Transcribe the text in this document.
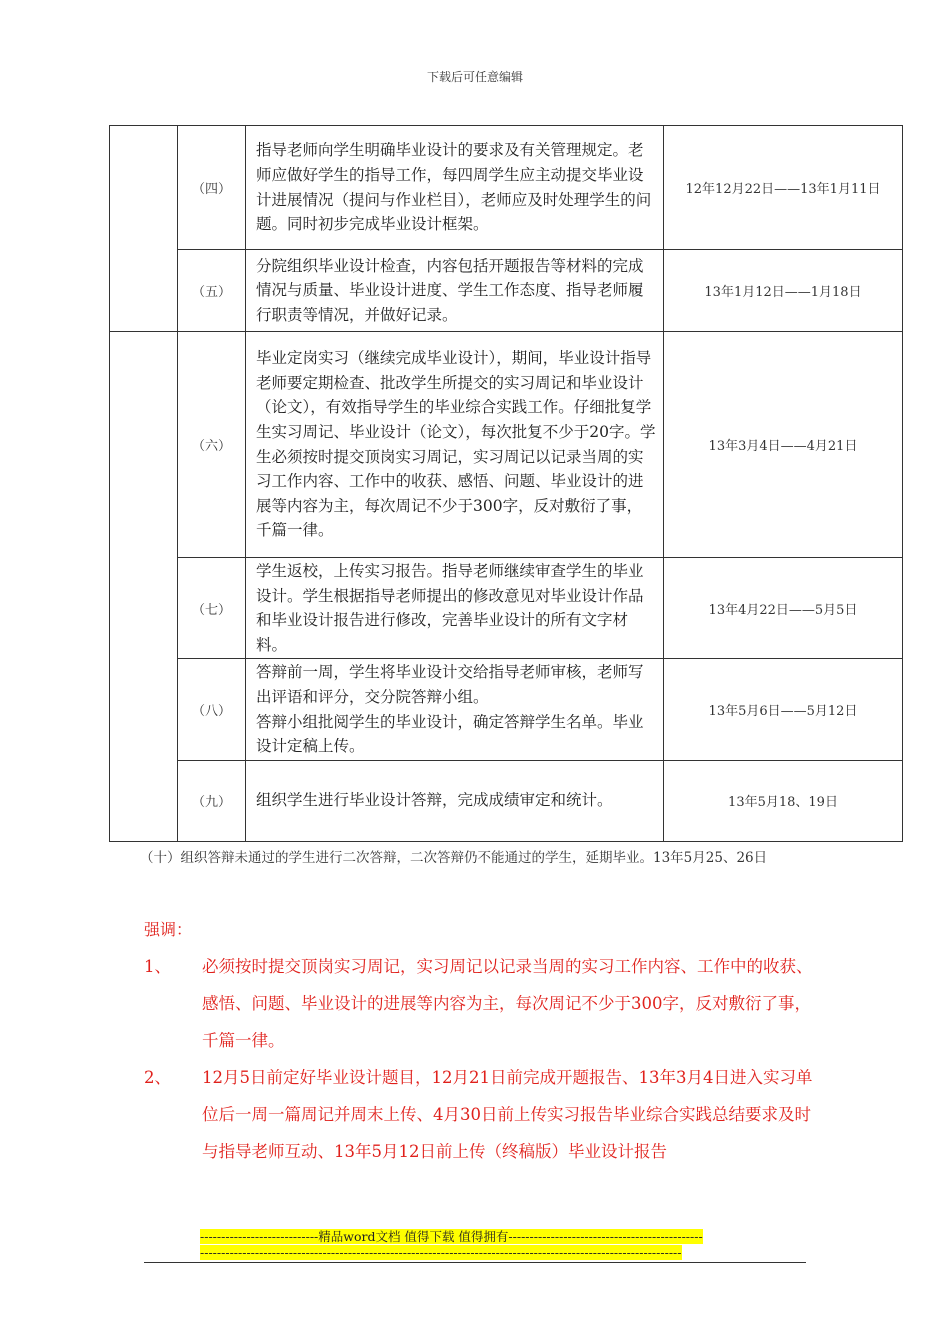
下载后可任意编辑
	（四）	指导老师向学生明确毕业设计的要求及有关管理规定。老师应做好学生的指导工作，每四周学生应主动提交毕业设计进展情况（提问与作业栏目），老师应及时处理学生的问题。同时初步完成毕业设计框架。	12年12月22日——13年1月11日
	（五）	分院组织毕业设计检查，内容包括开题报告等材料的完成情况与质量、毕业设计进度、学生工作态度、指导老师履行职责等情况，并做好记录。	13年1月12日——1月18日
	（六）	毕业定岗实习（继续完成毕业设计），期间，毕业设计指导老师要定期检查、批改学生所提交的实习周记和毕业设计（论文），有效指导学生的毕业综合实践工作。仔细批复学生实习周记、毕业设计（论文），每次批复不少于20字。学生必须按时提交顶岗实习周记，实习周记以记录当周的实习工作内容、工作中的收获、感悟、问题、毕业设计的进展等内容为主，每次周记不少于300字，反对敷衍了事，千篇一律。	13年3月4日——4月21日
	（七）	学生返校，上传实习报告。指导老师继续审查学生的毕业设计。学生根据指导老师提出的修改意见对毕业设计作品和毕业设计报告进行修改，完善毕业设计的所有文字材料。	13年4月22日——5月5日
	（八）	答辩前一周，学生将毕业设计交给指导老师审核，老师写出评语和评分，交分院答辩小组。
答辩小组批阅学生的毕业设计，确定答辩学生名单。毕业设计定稿上传。	13年5月6日——5月12日
	（九）	组织学生进行毕业设计答辩，完成成绩审定和统计。	13年5月18、19日
（十）组织答辩未通过的学生进行二次答辩，二次答辩仍不能通过的学生，延期毕业。13年5月25、26日
强调：
1、 必须按时提交顶岗实习周记，实习周记以记录当周的实习工作内容、工作中的收获、感悟、问题、毕业设计的进展等内容为主，每次周记不少于300字，反对敷衍了事，千篇一律。
2、 12月5日前定好毕业设计题目，12月21日前完成开题报告、13年3月4日进入实习单位后一周一篇周记并周末上传、4月30日前上传实习报告毕业综合实践总结要求及时与指导老师互动、13年5月12日前上传（终稿版）毕业设计报告
----------------------------精品word文档 值得下载 值得拥有----------------------------------------------
------------------------------------------------------------------------------------------------------------------
